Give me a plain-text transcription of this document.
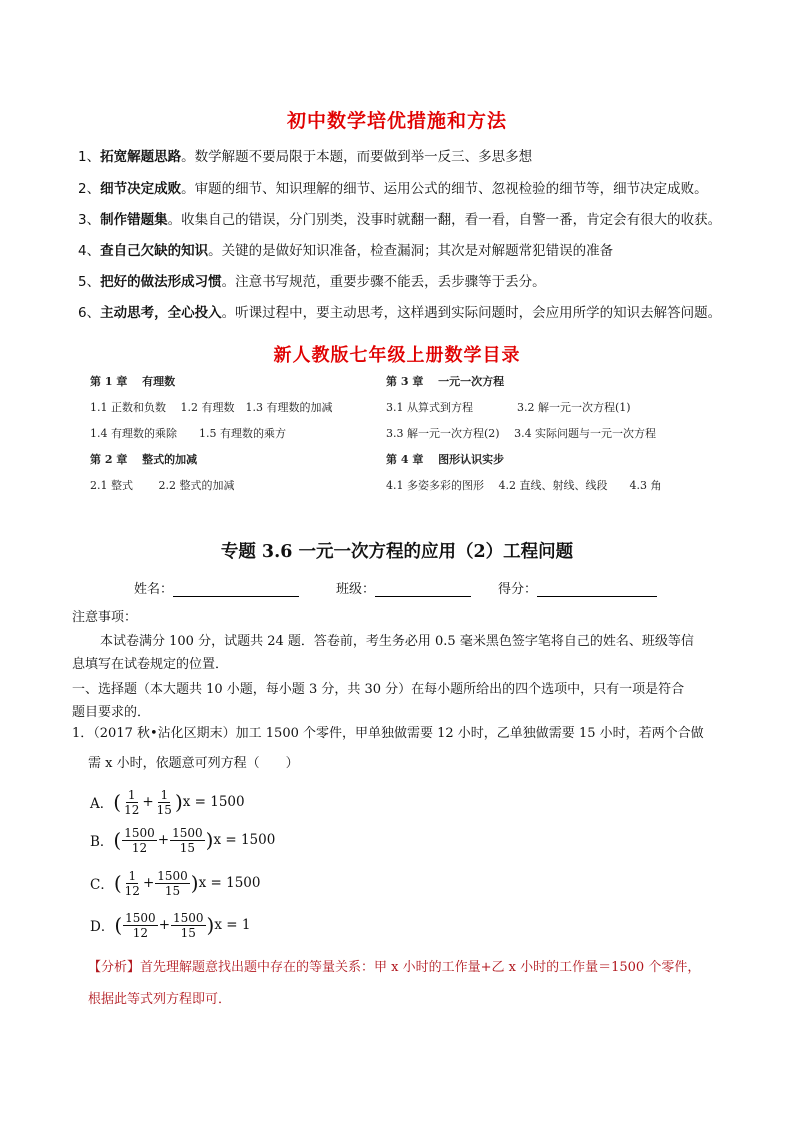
初中数学培优措施和方法
1、拓宽解题思路。数学解题不要局限于本题，而要做到举一反三、多思多想
2、细节决定成败。审题的细节、知识理解的细节、运用公式的细节、忽视检验的细节等，细节决定成败。
3、制作错题集。收集自己的错误，分门别类，没事时就翻一翻，看一看，自警一番，肯定会有很大的收获。
4、查自己欠缺的知识。关键的是做好知识准备，检查漏洞；其次是对解题常犯错误的准备
5、把好的做法形成习惯。注意书写规范，重要步骤不能丢，丢步骤等于丢分。
6、主动思考，全心投入。听课过程中，要主动思考，这样遇到实际问题时，会应用所学的知识去解答问题。
新人教版七年级上册数学目录
第 1 章　 有理数
1.1 正数和负数 　1.2 有理数　1.3 有理数的加减
1.4 有理数的乘除　　1.5 有理数的乘方
第 2 章　 整式的加减
2.1 整式　　 2.2 整式的加减
第 3 章　 一元一次方程
3.1 从算式到方程　　　　3.2 解一元一次方程(1)
3.3 解一元一次方程(2)　 3.4 实际问题与一元一次方程
第 4 章　 图形认识实步
4.1 多姿多彩的图形　 4.2 直线、射线、线段　　4.3 角
专题 3.6 一元一次方程的应用（2）工程问题
姓名：	班级：	得分：
注意事项：
本试卷满分 100 分，试题共 24 题．答卷前，考生务必用 0.5 毫米黑色签字笔将自己的姓名、班级等信
息填写在试卷规定的位置．
一、选择题（本大题共 10 小题，每小题 3 分，共 30 分）在每小题所给出的四个选项中，只有一项是符合
题目要求的．
1．（2017 秋•沾化区期末）加工 1500 个零件，甲单独做需要 12 小时，乙单独做需要 15 小时，若两个合做
需 x 小时，依题意可列方程（　　）
A． ( $\frac{1}{12} + \frac{1}{15}$ ) x = 1500
B． ( $\frac{1500}{12} + \frac{1500}{15}$ ) x = 1500
C． ( $\frac{1}{12} + \frac{1500}{15}$ ) x = 1500
D． ( $\frac{1500}{12} + \frac{1500}{15}$ ) x = 1
【分析】首先理解题意找出题中存在的等量关系：甲 x 小时的工作量+乙 x 小时的工作量＝1500 个零件，
根据此等式列方程即可．
